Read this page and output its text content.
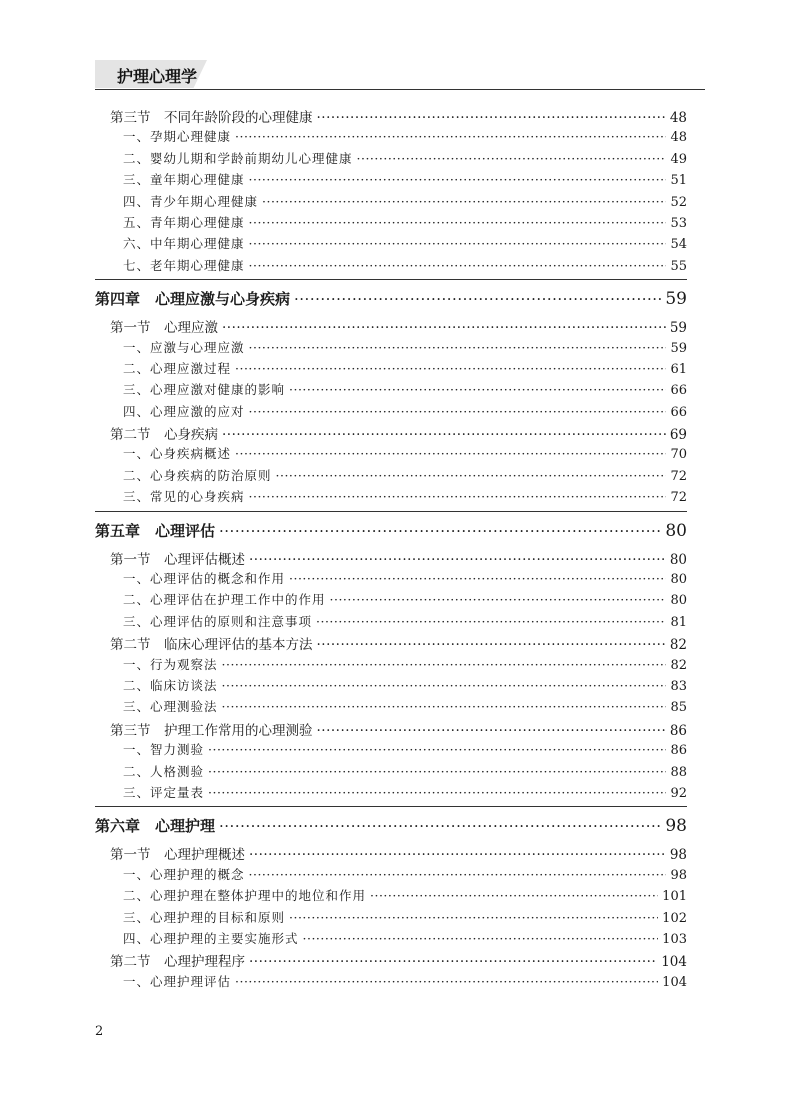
护理心理学
第三节　不同年龄阶段的心理健康 ·····	48
一、孕期心理健康 ·····	48
二、婴幼儿期和学龄前期幼儿心理健康 ·····	49
三、童年期心理健康 ·····	51
四、青少年期心理健康 ·····	52
五、青年期心理健康 ·····	53
六、中年期心理健康 ·····	54
七、老年期心理健康 ·····	55
第四章　心理应激与心身疾病 ·····	59
第一节　心理应激 ·····	59
一、应激与心理应激 ·····	59
二、心理应激过程 ·····	61
三、心理应激对健康的影响 ·····	66
四、心理应激的应对 ·····	66
第二节　心身疾病 ·····	69
一、心身疾病概述 ·····	70
二、心身疾病的防治原则 ·····	72
三、常见的心身疾病 ·····	72
第五章　心理评估 ·····	80
第一节　心理评估概述 ·····	80
一、心理评估的概念和作用 ·····	80
二、心理评估在护理工作中的作用 ·····	80
三、心理评估的原则和注意事项 ·····	81
第二节　临床心理评估的基本方法 ·····	82
一、行为观察法 ·····	82
二、临床访谈法 ·····	83
三、心理测验法 ·····	85
第三节　护理工作常用的心理测验 ·····	86
一、智力测验 ·····	86
二、人格测验 ·····	88
三、评定量表 ·····	92
第六章　心理护理 ·····	98
第一节　心理护理概述 ·····	98
一、心理护理的概念 ·····	98
二、心理护理在整体护理中的地位和作用 ·····	101
三、心理护理的目标和原则 ·····	102
四、心理护理的主要实施形式 ·····	103
第二节　心理护理程序 ·····	104
一、心理护理评估 ·····	104
2
